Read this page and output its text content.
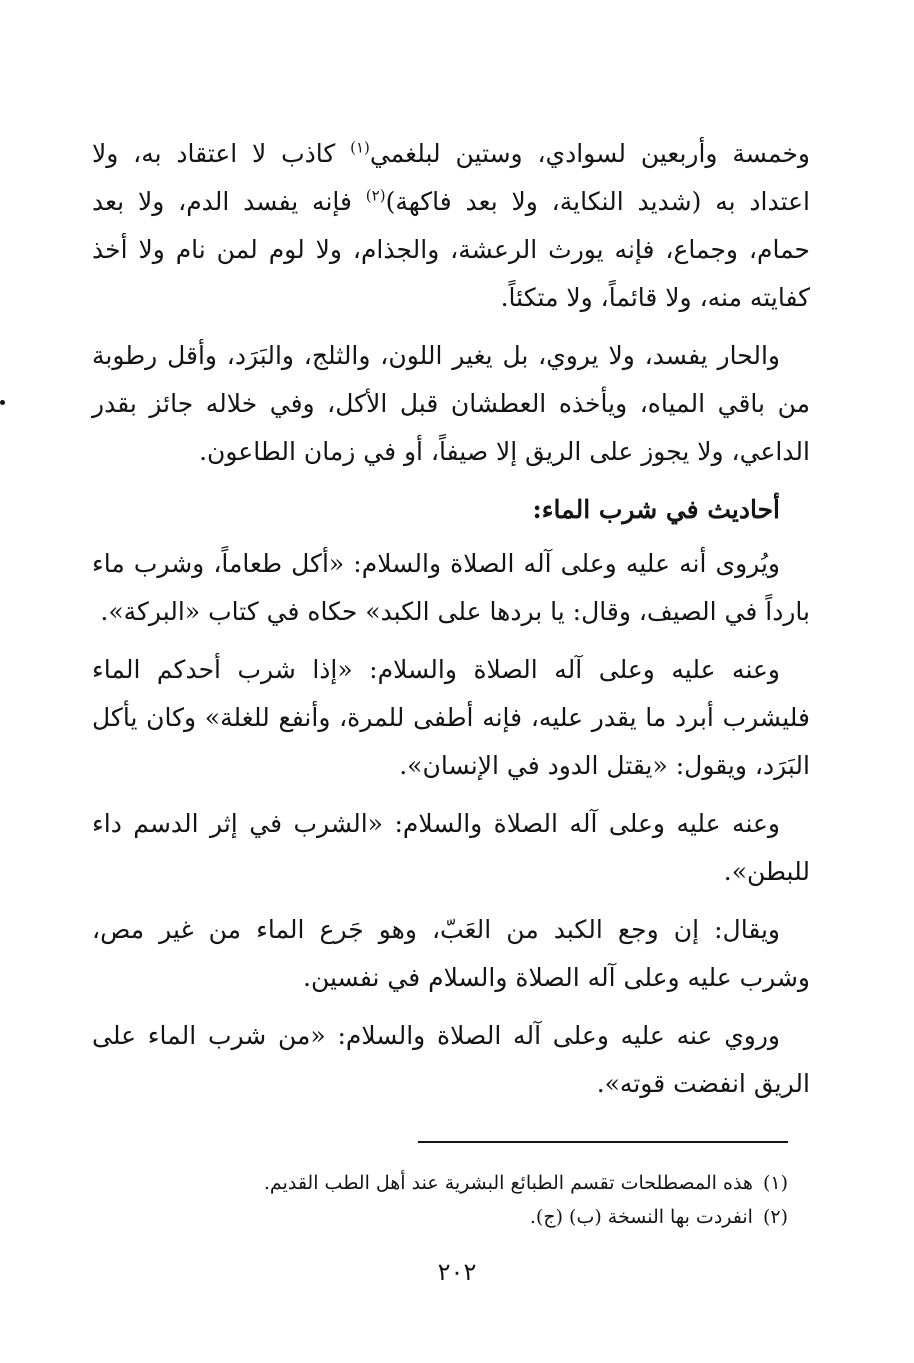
وخمسة وأربعين لسوادي، وستين لبلغمي$^{(١)}$ كاذب لا اعتقاد به، ولا اعتداد به (شديد النكاية، ولا بعد فاكهة)$^{(٢)}$ فإنه يفسد الدم، ولا بعد حمام، وجماع، فإنه يورث الرعشة، والجذام، ولا لوم لمن نام ولا أخذ كفايته منه، ولا قائماً، ولا متكئاً.

والحار يفسد، ولا يروي، بل يغير اللون، والثلج، والبَرَد، وأقل رطوبة من باقي المياه، ويأخذه العطشان قبل الأكل، وفي خلاله جائز بقدر الداعي، ولا يجوز على الريق إلا صيفاً، أو في زمان الطاعون.

أحاديث في شرب الماء:

ويُروى أنه عليه وعلى آله الصلاة والسلام: «أكل طعاماً، وشرب ماء بارداً في الصيف، وقال: يا بردها على الكبد» حكاه في كتاب «البركة».

وعنه عليه وعلى آله الصلاة والسلام: «إذا شرب أحدكم الماء فليشرب أبرد ما يقدر عليه، فإنه أطفى للمرة، وأنفع للغلة» وكان يأكل البَرَد، ويقول: «يقتل الدود في الإنسان».

وعنه عليه وعلى آله الصلاة والسلام: «الشرب في إثر الدسم داء للبطن».

ويقال: إن وجع الكبد من العَبّ، وهو جَرع الماء من غير مص، وشرب عليه وعلى آله الصلاة والسلام في نفسين.

وروي عنه عليه وعلى آله الصلاة والسلام: «من شرب الماء على الريق انفضت قوته».

(١)هذه المصطلحات تقسم الطبائع البشرية عند أهل الطب القديم.
(٢)انفردت بها النسخة (ب) (ج).
٢٠٢
